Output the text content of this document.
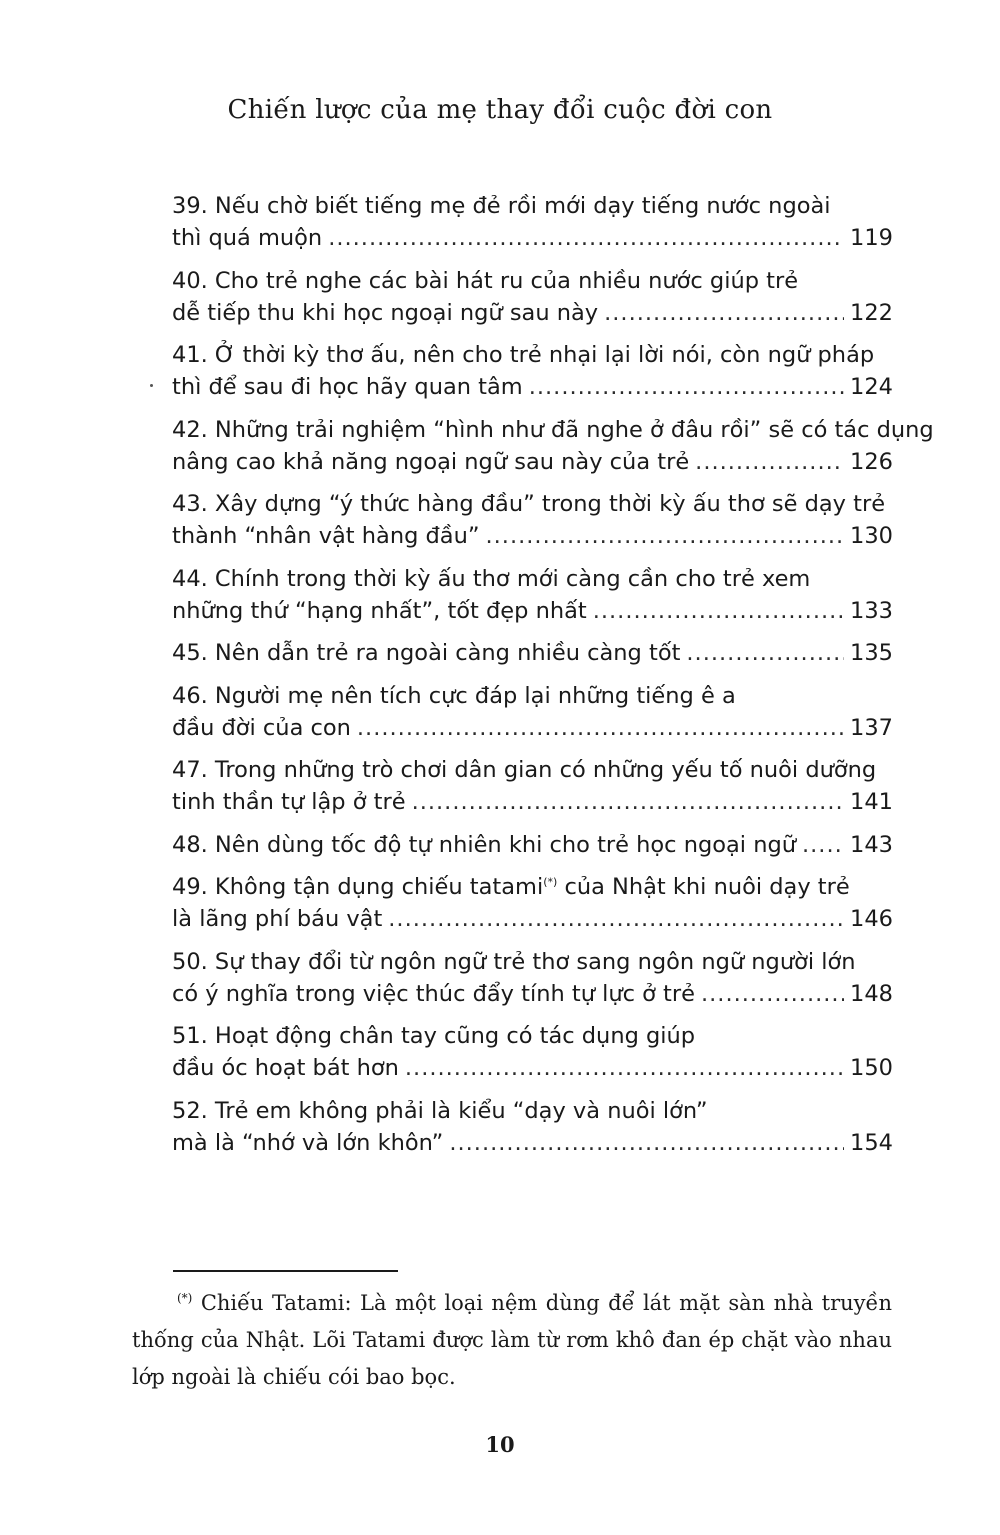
Chiến lược của mẹ thay đổi cuộc đời con
39. Nếu chờ biết tiếng mẹ đẻ rồi mới dạy tiếng nước ngoài
thì quá muộn .....	119
40. Cho trẻ nghe các bài hát ru của nhiều nước giúp trẻ
dễ tiếp thu khi học ngoại ngữ sau này .....	122
41. Ở thời kỳ thơ ấu, nên cho trẻ nhại lại lời nói, còn ngữ pháp
thì để sau đi học hãy quan tâm .....	124
42. Những trải nghiệm “hình như đã nghe ở đâu rồi” sẽ có tác dụng
nâng cao khả năng ngoại ngữ sau này của trẻ .....	126
43. Xây dựng “ý thức hàng đầu” trong thời kỳ ấu thơ sẽ dạy trẻ
thành “nhân vật hàng đầu” .....	130
44. Chính trong thời kỳ ấu thơ mới càng cần cho trẻ xem
những thứ “hạng nhất”, tốt đẹp nhất .....	133
45. Nên dẫn trẻ ra ngoài càng nhiều càng tốt .....	135
46. Người mẹ nên tích cực đáp lại những tiếng ê a
đầu đời của con .....	137
47. Trong những trò chơi dân gian có những yếu tố nuôi dưỡng
tinh thần tự lập ở trẻ .....	141
48. Nên dùng tốc độ tự nhiên khi cho trẻ học ngoại ngữ ..... 143
49. Không tận dụng chiếu tatami(*) của Nhật khi nuôi dạy trẻ
là lãng phí báu vật .....	146
50. Sự thay đổi từ ngôn ngữ trẻ thơ sang ngôn ngữ người lớn
có ý nghĩa trong việc thúc đẩy tính tự lực ở trẻ .....	148
51. Hoạt động chân tay cũng có tác dụng giúp
đầu óc hoạt bát hơn .....	150
52. Trẻ em không phải là kiểu “dạy và nuôi lớn”
mà là “nhớ và lớn khôn” .....	154
(*) Chiếu Tatami: Là một loại nệm dùng để lát mặt sàn nhà truyền thống của Nhật. Lõi Tatami được làm từ rơm khô đan ép chặt vào nhau lớp ngoài là chiếu cói bao bọc.
10
